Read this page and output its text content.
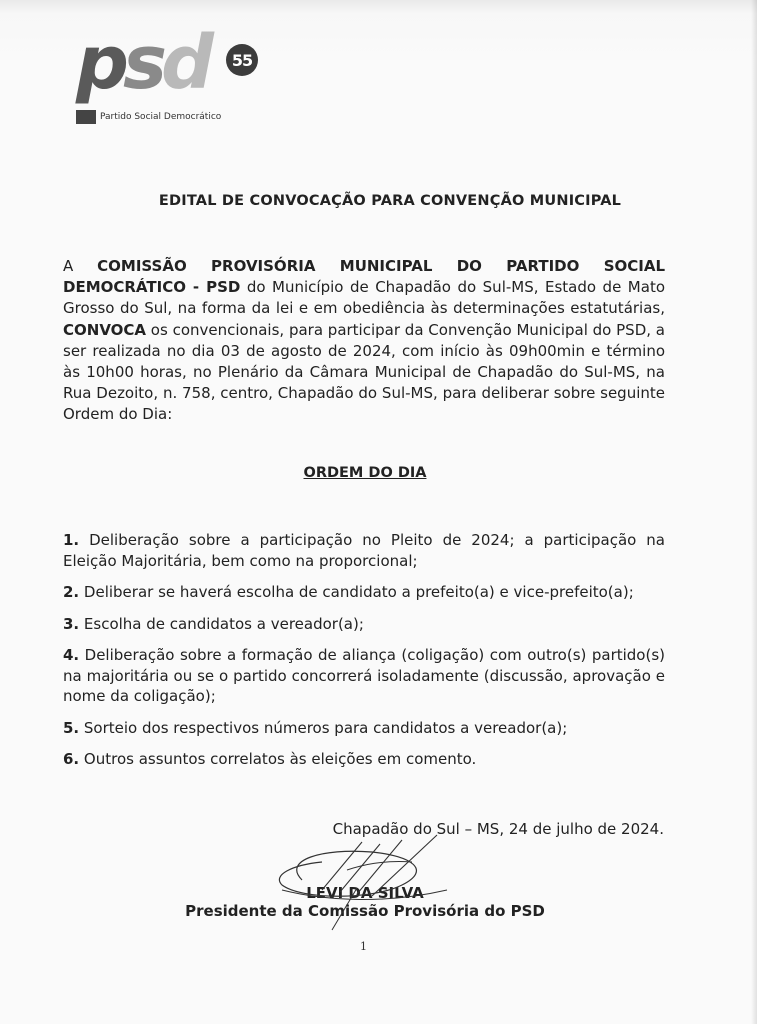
psd	55
Partido Social Democrático
EDITAL DE CONVOCAÇÃO PARA CONVENÇÃO MUNICIPAL
A COMISSÃO PROVISÓRIA MUNICIPAL DO PARTIDO SOCIAL DEMOCRÁTICO - PSD do Município de Chapadão do Sul-MS, Estado de Mato Grosso do Sul, na forma da lei e em obediência às determinações estatutárias, CONVOCA os convencionais, para participar da Convenção Municipal do PSD, a ser realizada no dia 03 de agosto de 2024, com início às 09h00min e término às 10h00 horas, no Plenário da Câmara Municipal de Chapadão do Sul-MS, na Rua Dezoito, n. 758, centro, Chapadão do Sul-MS, para deliberar sobre seguinte Ordem do Dia:
ORDEM DO DIA
1. Deliberação sobre a participação no Pleito de 2024; a participação na Eleição Majoritária, bem como na proporcional;
2. Deliberar se haverá escolha de candidato a prefeito(a) e vice-prefeito(a);
3. Escolha de candidatos a vereador(a);
4. Deliberação sobre a formação de aliança (coligação) com outro(s) partido(s) na majoritária ou se o partido concorrerá isoladamente (discussão, aprovação e nome da coligação);
5. Sorteio dos respectivos números para candidatos a vereador(a);
6. Outros assuntos correlatos às eleições em comento.
Chapadão do Sul – MS, 24 de julho de 2024.
LEVI DA SILVA
Presidente da Comissão Provisória do PSD
1
